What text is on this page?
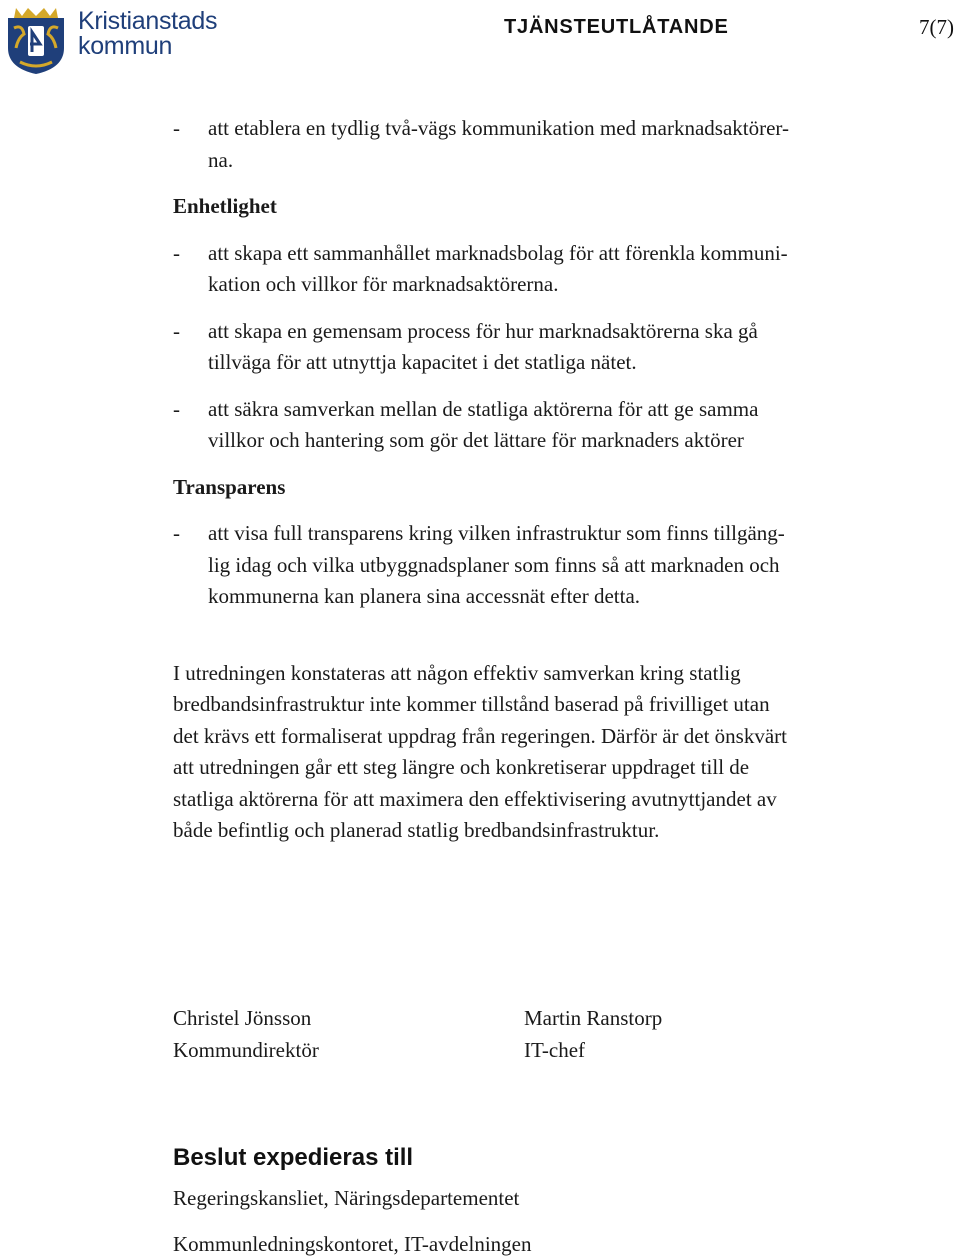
Kristianstads
kommun
TJÄNSTEUTLÅTANDE	7(7)
- att etablera en tydlig två-vägs kommunikation med marknadsaktörer-
na.
Enhetlighet
- att skapa ett sammanhållet marknadsbolag för att förenkla kommuni-
kation och villkor för marknadsaktörerna.
- att skapa en gemensam process för hur marknadsaktörerna ska gå
tillväga för att utnyttja kapacitet i det statliga nätet.
- att säkra samverkan mellan de statliga aktörerna för att ge samma
villkor och hantering som gör det lättare för marknaders aktörer
Transparens
- att visa full transparens kring vilken infrastruktur som finns tillgäng-
lig idag och vilka utbyggnadsplaner som finns så att marknaden och
kommunerna kan planera sina accessnät efter detta.
I utredningen konstateras att någon effektiv samverkan kring statlig
bredbandsinfrastruktur inte kommer tillstånd baserad på frivilliget utan
det krävs ett formaliserat uppdrag från regeringen. Därför är det önskvärt
att utredningen går ett steg längre och konkretiserar uppdraget till de
statliga aktörerna för att maximera den effektivisering avutnyttjandet av
både befintlig och planerad statlig bredbandsinfrastruktur.
Christel Jönsson
Kommundirektör
Martin Ranstorp
IT-chef
Beslut expedieras till
Regeringskansliet, Näringsdepartementet
Kommunledningskontoret, IT-avdelningen
